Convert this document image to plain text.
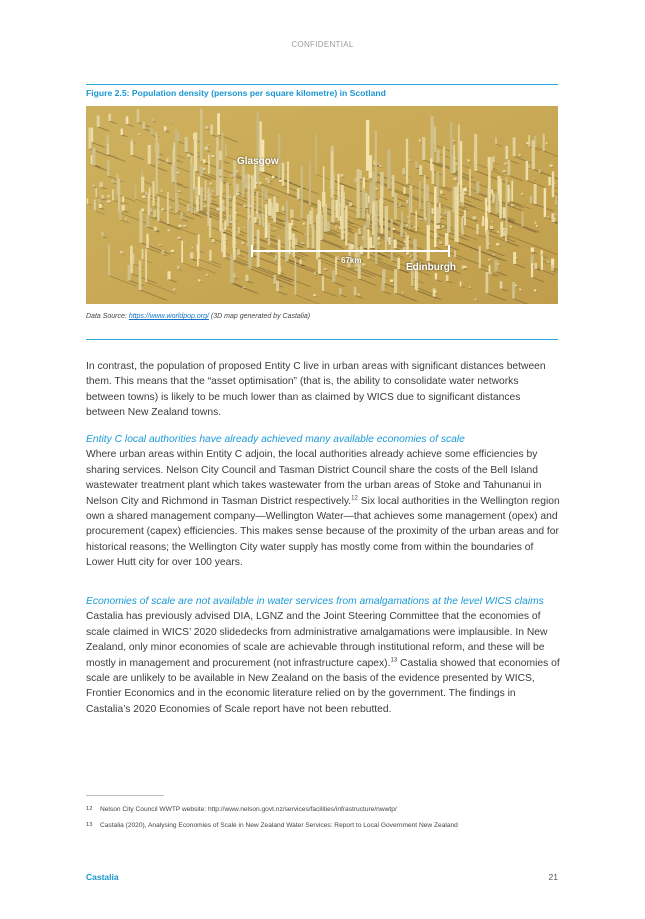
CONFIDENTIAL
Figure 2.5: Population density (persons per square kilometre) in Scotland
Glasgow
Edinburgh
67km
Data Source: https://www.worldpop.org/ (3D map generated by Castalia)

In contrast, the population of proposed Entity C live in urban areas with significant distances between them. This means that the “asset optimisation” (that is, the ability to consolidate water networks between towns) is likely to be much lower than as claimed by WICS due to significant distances between New Zealand towns.

Entity C local authorities have already achieved many available economies of scale

Where urban areas within Entity C adjoin, the local authorities already achieve some efficiencies by sharing services. Nelson City Council and Tasman District Council share the costs of the Bell Island wastewater treatment plant which takes wastewater from the urban areas of Stoke and Tahunanui in Nelson City and Richmond in Tasman District respectively.$^{12}$ Six local authorities in the Wellington region own a shared management company—Wellington Water—that achieves some management (opex) and procurement (capex) efficiencies. This makes sense because of the proximity of the urban areas and for historical reasons; the Wellington City water supply has mostly come from within the boundaries of Lower Hutt city for over 100 years.

Economies of scale are not available in water services from amalgamations at the level WICS claims

Castalia has previously advised DIA, LGNZ and the Joint Steering Committee that the economies of scale claimed in WICS’ 2020 slidedecks from administrative amalgamations were implausible. In New Zealand, only minor economies of scale are achievable through institutional reform, and these will be mostly in management and procurement (not infrastructure capex).$^{13}$ Castalia showed that economies of scale are unlikely to be available in New Zealand on the basis of the evidence presented by WICS, Frontier Economics and in the economic literature relied on by the government. The findings in Castalia’s 2020 Economies of Scale report have not been rebutted.

12 Nelson City Council WWTP website: http://www.nelson.govt.nz/services/facilities/infrastructure/nwwtp/
13 Castalia (2020), Analysing Economies of Scale in New Zealand Water Services: Report to Local Government New Zealand
Castalia	21
